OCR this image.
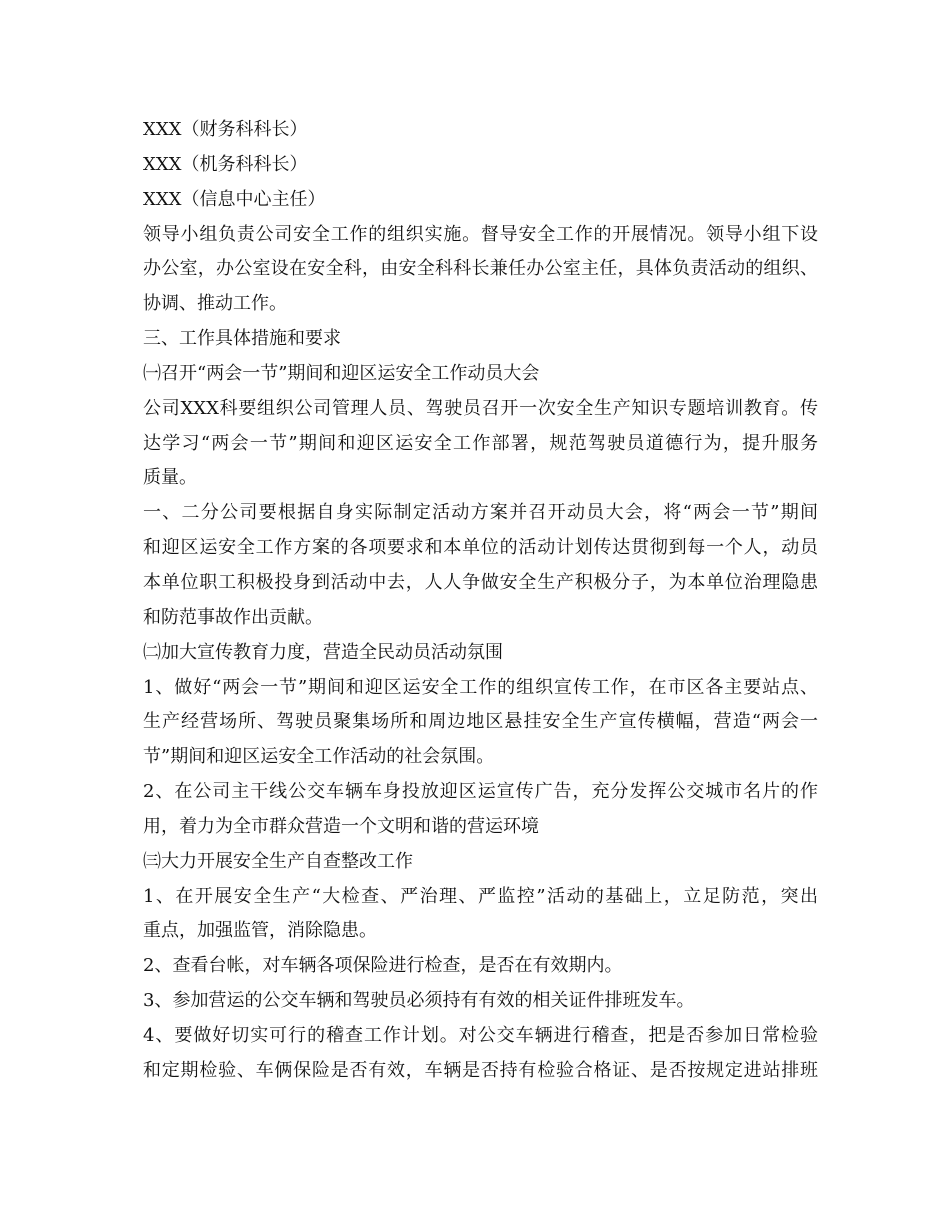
XXX（财务科科长）
XXX（机务科科长）
XXX（信息中心主任）
领导小组负责公司安全工作的组织实施。督导安全工作的开展情况。领导小组下设
办公室，办公室设在安全科，由安全科科长兼任办公室主任，具体负责活动的组织、
协调、推动工作。
三、工作具体措施和要求
㈠召开“两会一节”期间和迎区运安全工作动员大会
公司XXX科要组织公司管理人员、驾驶员召开一次安全生产知识专题培训教育。传
达学习“两会一节”期间和迎区运安全工作部署，规范驾驶员道德行为，提升服务
质量。
一、二分公司要根据自身实际制定活动方案并召开动员大会，将“两会一节”期间
和迎区运安全工作方案的各项要求和本单位的活动计划传达贯彻到每一个人，动员
本单位职工积极投身到活动中去，人人争做安全生产积极分子，为本单位治理隐患
和防范事故作出贡献。
㈡加大宣传教育力度，营造全民动员活动氛围
1、做好“两会一节”期间和迎区运安全工作的组织宣传工作，在市区各主要站点、
生产经营场所、驾驶员聚集场所和周边地区悬挂安全生产宣传横幅，营造“两会一
节”期间和迎区运安全工作活动的社会氛围。
2、在公司主干线公交车辆车身投放迎区运宣传广告，充分发挥公交城市名片的作
用，着力为全市群众营造一个文明和谐的营运环境
㈢大力开展安全生产自查整改工作
1、在开展安全生产“大检查、严治理、严监控”活动的基础上，立足防范，突出
重点，加强监管，消除隐患。
2、查看台帐，对车辆各项保险进行检查，是否在有效期内。
3、参加营运的公交车辆和驾驶员必须持有有效的相关证件排班发车。
4、要做好切实可行的稽查工作计划。对公交车辆进行稽查，把是否参加日常检验
和定期检验、车俩保险是否有效，车辆是否持有检验合格证、是否按规定进站排班
